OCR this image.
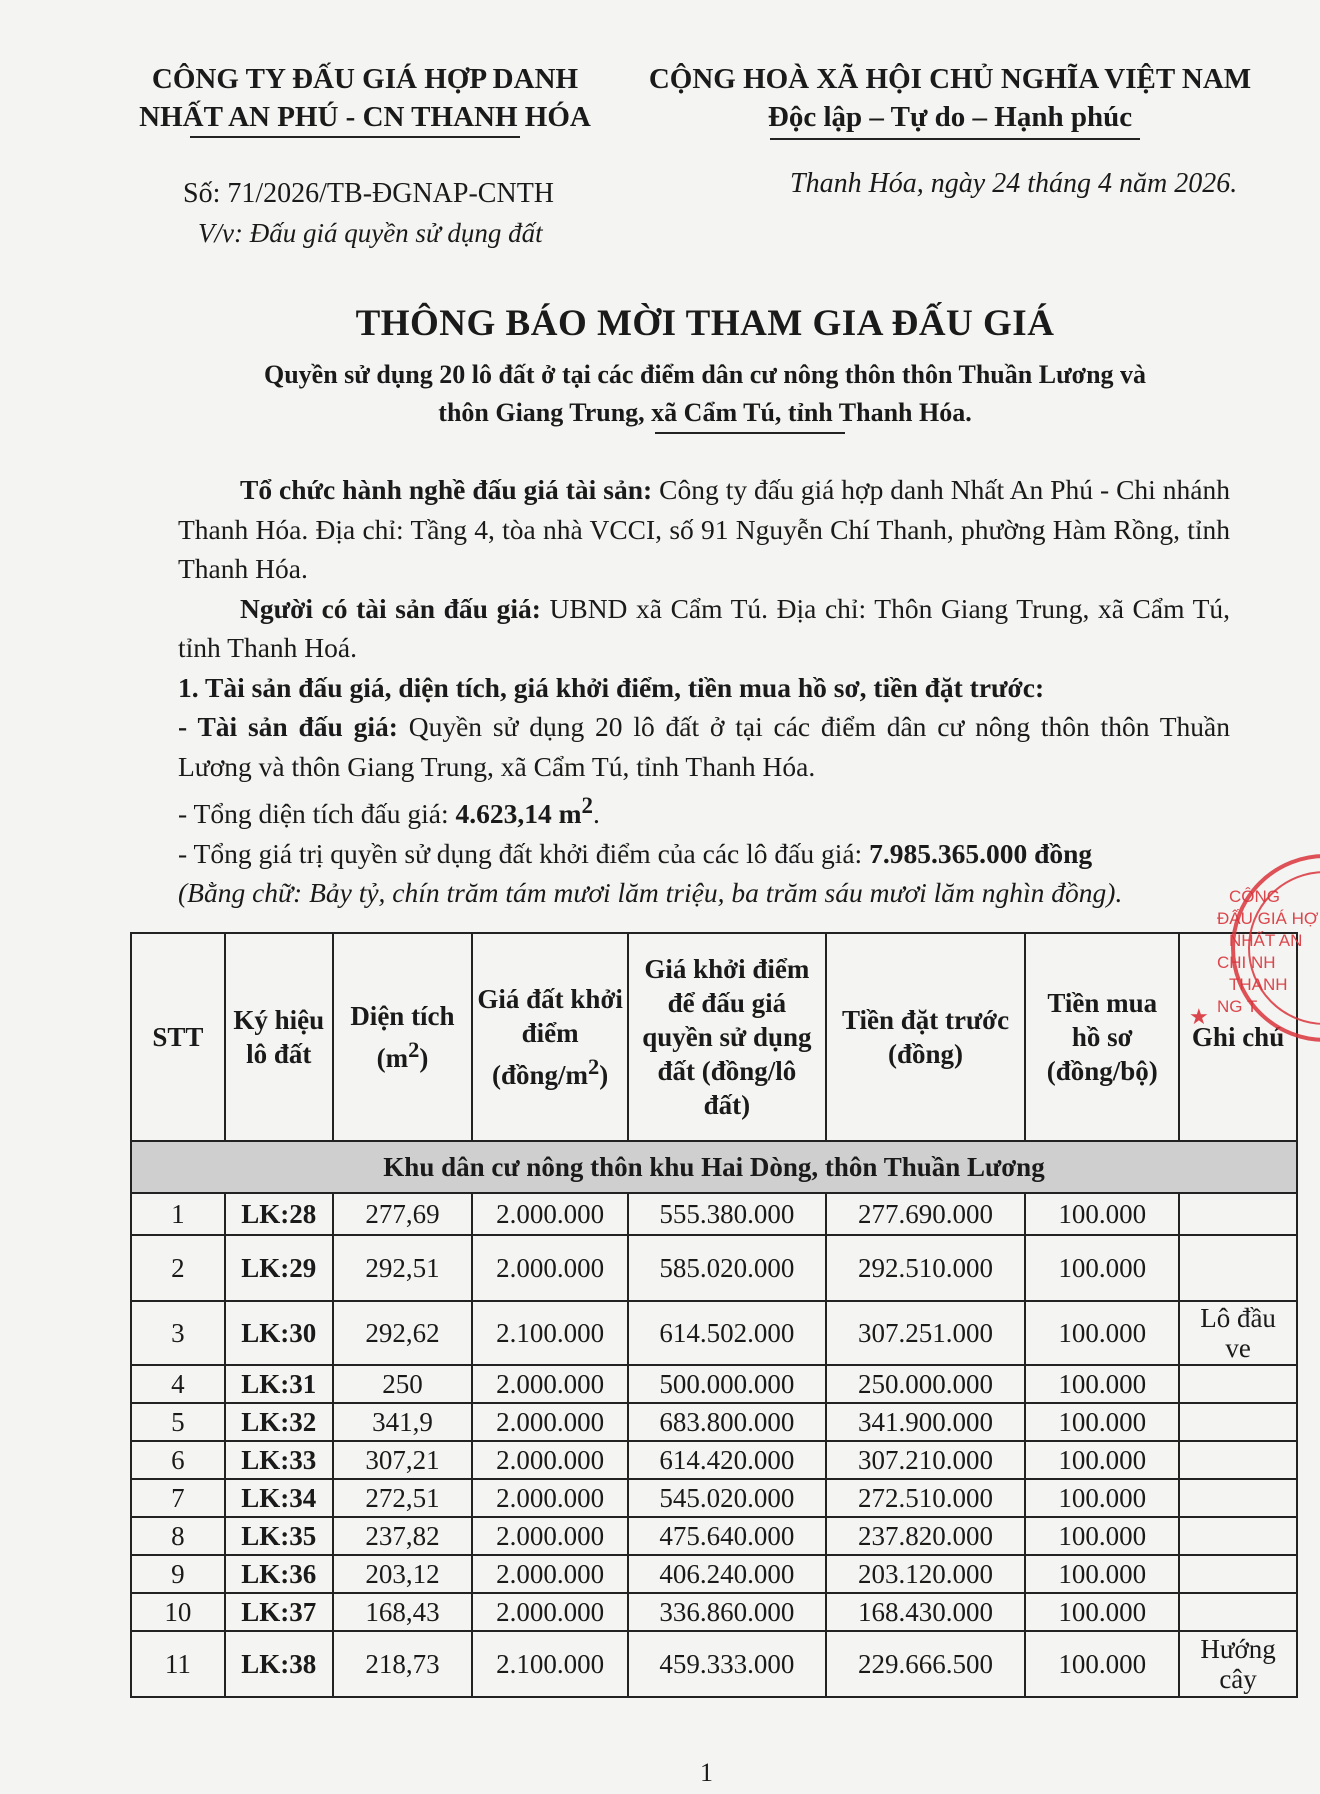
CÔNG TY ĐẤU GIÁ HỢP DANH
NHẤT AN PHÚ - CN THANH HÓA
CỘNG HOÀ XÃ HỘI CHỦ NGHĨA VIỆT NAM
Độc lập – Tự do – Hạnh phúc
Số: 71/2026/TB-ĐGNAP-CNTH
V/v: Đấu giá quyền sử dụng đất
Thanh Hóa, ngày 24 tháng 4 năm 2026.
THÔNG BÁO MỜI THAM GIA ĐẤU GIÁ
Quyền sử dụng 20 lô đất ở tại các điểm dân cư nông thôn thôn Thuần Lương và
thôn Giang Trung, xã Cẩm Tú, tỉnh Thanh Hóa.

Tổ chức hành nghề đấu giá tài sản: Công ty đấu giá hợp danh Nhất An Phú - Chi nhánh Thanh Hóa. Địa chỉ: Tầng 4, tòa nhà VCCI, số 91 Nguyễn Chí Thanh, phường Hàm Rồng, tỉnh Thanh Hóa.

Người có tài sản đấu giá: UBND xã Cẩm Tú. Địa chỉ: Thôn Giang Trung, xã Cẩm Tú, tỉnh Thanh Hoá.

1. Tài sản đấu giá, diện tích, giá khởi điểm, tiền mua hồ sơ, tiền đặt trước:

- Tài sản đấu giá: Quyền sử dụng 20 lô đất ở tại các điểm dân cư nông thôn thôn Thuần Lương và thôn Giang Trung, xã Cẩm Tú, tỉnh Thanh Hóa.

- Tổng diện tích đấu giá: 4.623,14 $m^2$.

- Tổng giá trị quyền sử dụng đất khởi điểm của các lô đấu giá: 7.985.365.000 đồng

(Bằng chữ: Bảy tỷ, chín trăm tám mươi lăm triệu, ba trăm sáu mươi lăm nghìn đồng).

STT	Ký hiệu lô đất	Diện tích $(m^2)$	Giá đất khởi điểm $(đồng/m^2)$	Giá khởi điểm để đấu giá quyền sử dụng đất (đồng/lô đất)	Tiền đặt trước (đồng)	Tiền mua hồ sơ (đồng/bộ)	Ghi chú
Khu dân cư nông thôn khu Hai Dòng, thôn Thuần Lương							
1	LK:28	277,69	2.000.000	555.380.000	277.690.000	100.000	
2	LK:29	292,51	2.000.000	585.020.000	292.510.000	100.000	
3	LK:30	292,62	2.100.000	614.502.000	307.251.000	100.000	Lô đầu ve
4	LK:31	250	2.000.000	500.000.000	250.000.000	100.000	
5	LK:32	341,9	2.000.000	683.800.000	341.900.000	100.000	
6	LK:33	307,21	2.000.000	614.420.000	307.210.000	100.000	
7	LK:34	272,51	2.000.000	545.020.000	272.510.000	100.000	
8	LK:35	237,82	2.000.000	475.640.000	237.820.000	100.000	
9	LK:36	203,12	2.000.000	406.240.000	203.120.000	100.000	
10	LK:37	168,43	2.000.000	336.860.000	168.430.000	100.000	
11	LK:38	218,73	2.100.000	459.333.000	229.666.500	100.000	Hướng cây
★
CÔNG
ĐẤU GIÁ HỢ
NHẤT AN
CHI NH
THANH
NG T
1
